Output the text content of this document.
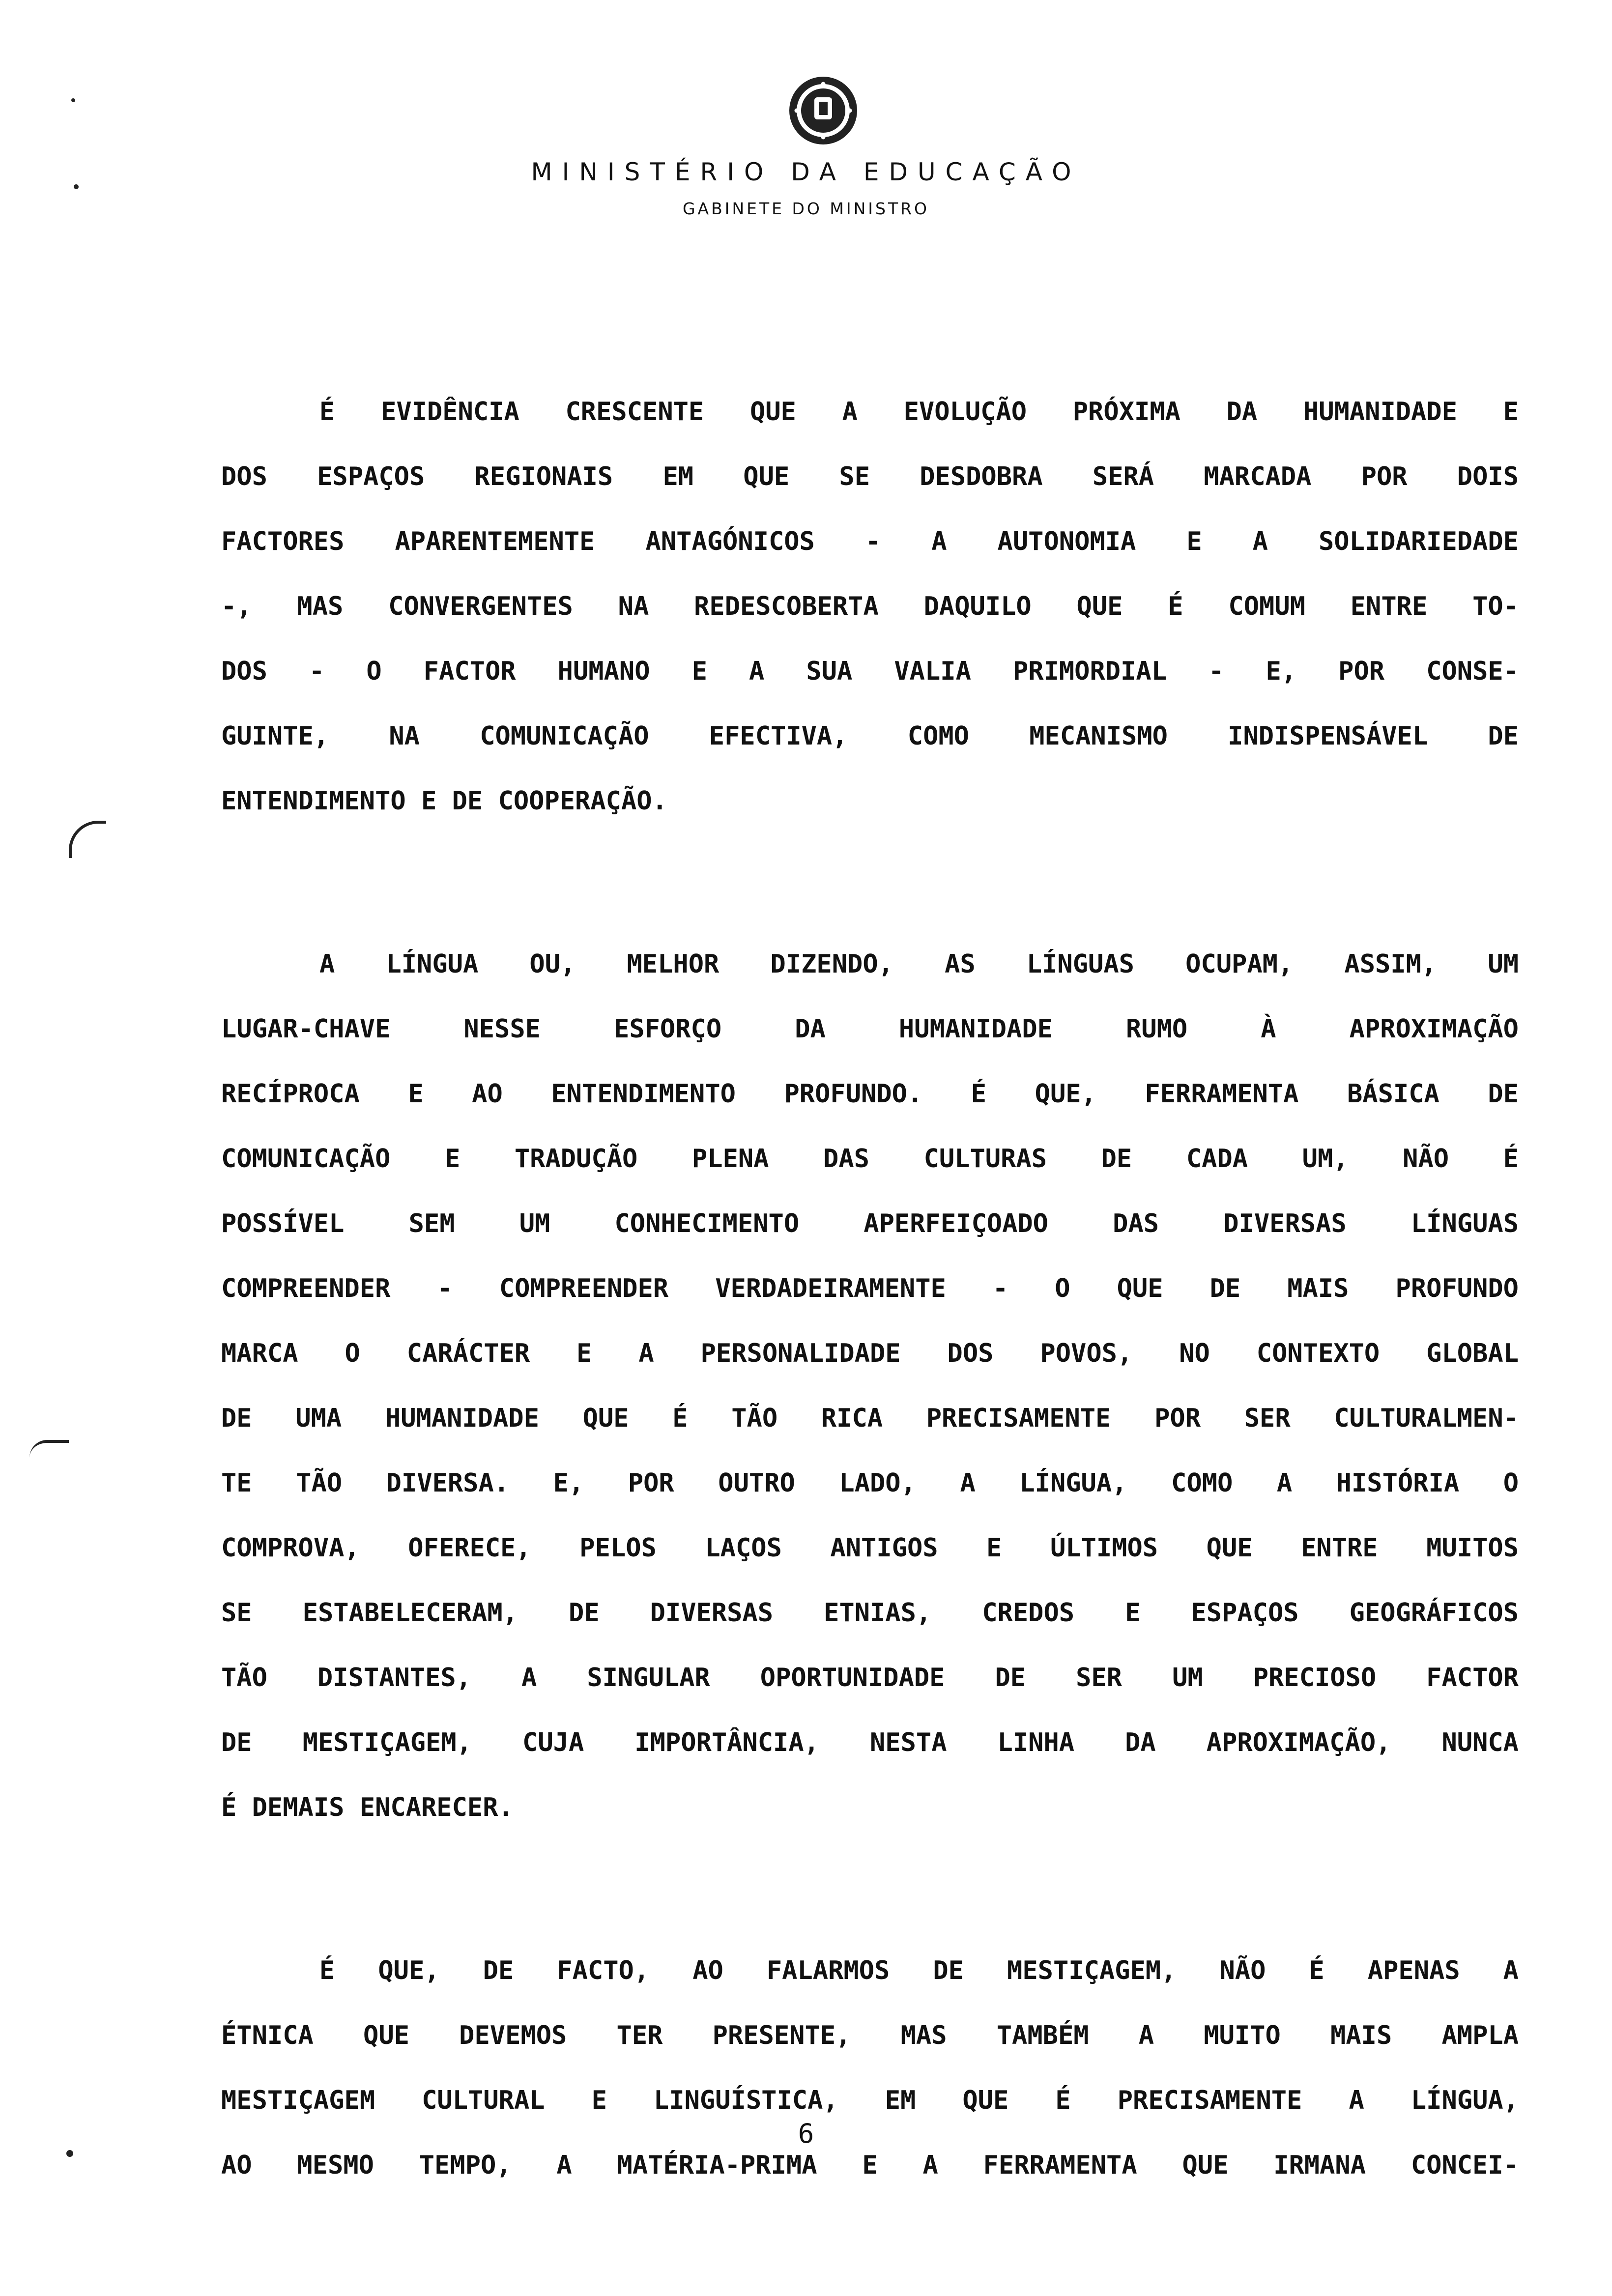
MINISTÉRIO DA EDUCAÇÃO
GABINETE DO MINISTRO

É EVIDÊNCIA CRESCENTE QUE A EVOLUÇÃO PRÓXIMA DA HUMANIDADE E
DOS ESPAÇOS REGIONAIS EM QUE SE DESDOBRA SERÁ MARCADA POR DOIS
FACTORES APARENTEMENTE ANTAGÓNICOS - A AUTONOMIA E A SOLIDARIEDADE
-, MAS CONVERGENTES NA REDESCOBERTA DAQUILO QUE É COMUM ENTRE TO-
DOS - O FACTOR HUMANO E A SUA VALIA PRIMORDIAL - E, POR CONSE-
GUINTE, NA COMUNICAÇÃO EFECTIVA, COMO MECANISMO INDISPENSÁVEL DE
ENTENDIMENTO E DE COOPERAÇÃO.

A LÍNGUA OU, MELHOR DIZENDO, AS LÍNGUAS OCUPAM, ASSIM, UM
LUGAR-CHAVE NESSE ESFORÇO DA HUMANIDADE RUMO À APROXIMAÇÃO
RECÍPROCA E AO ENTENDIMENTO PROFUNDO. É QUE, FERRAMENTA BÁSICA DE
COMUNICAÇÃO E TRADUÇÃO PLENA DAS CULTURAS DE CADA UM, NÃO É
POSSÍVEL SEM UM CONHECIMENTO APERFEIÇOADO DAS DIVERSAS LÍNGUAS
COMPREENDER - COMPREENDER VERDADEIRAMENTE - O QUE DE MAIS PROFUNDO
MARCA O CARÁCTER E A PERSONALIDADE DOS POVOS, NO CONTEXTO GLOBAL
DE UMA HUMANIDADE QUE É TÃO RICA PRECISAMENTE POR SER CULTURALMEN-
TE TÃO DIVERSA. E, POR OUTRO LADO, A LÍNGUA, COMO A HISTÓRIA O
COMPROVA, OFERECE, PELOS LAÇOS ANTIGOS E ÚLTIMOS QUE ENTRE MUITOS
SE ESTABELECERAM, DE DIVERSAS ETNIAS, CREDOS E ESPAÇOS GEOGRÁFICOS
TÃO DISTANTES, A SINGULAR OPORTUNIDADE DE SER UM PRECIOSO FACTOR
DE MESTIÇAGEM, CUJA IMPORTÂNCIA, NESTA LINHA DA APROXIMAÇÃO, NUNCA
É DEMAIS ENCARECER.

É QUE, DE FACTO, AO FALARMOS DE MESTIÇAGEM, NÃO É APENAS A
ÉTNICA QUE DEVEMOS TER PRESENTE, MAS TAMBÉM A MUITO MAIS AMPLA
MESTIÇAGEM CULTURAL E LINGUÍSTICA, EM QUE É PRECISAMENTE A LÍNGUA,
AO MESMO TEMPO, A MATÉRIA-PRIMA E A FERRAMENTA QUE IRMANA CONCEI-

6
